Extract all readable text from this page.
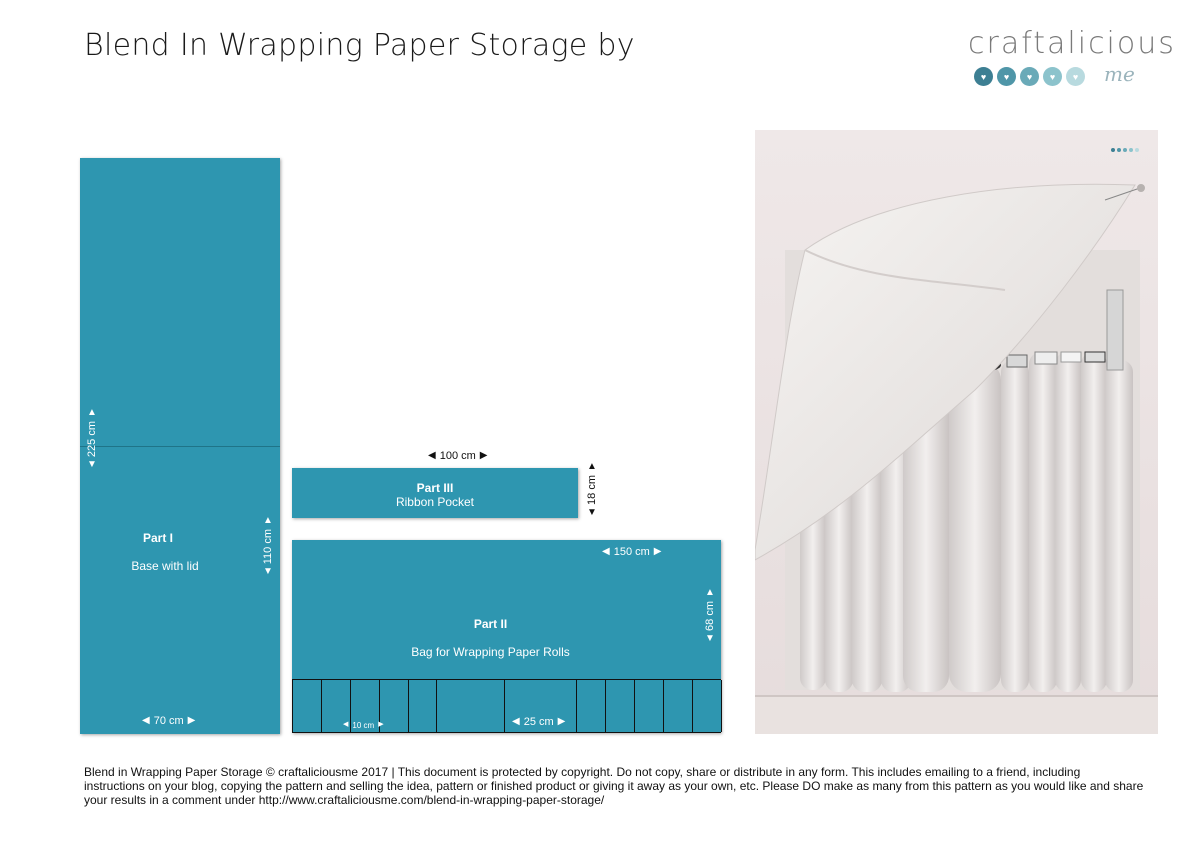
Blend In Wrapping Paper Storage by	craftalicious
♥	♥	♥	♥	♥	me
Part I
Base with lid
▲
225 cm
▼
▲
110 cm
▼
◀ 70 cm ▶
◀ 100 cm ▶
Part III
Ribbon Pocket
▲
18 cm
▼
◀ 150 cm ▶
Part II
Bag for Wrapping Paper Rolls
▲
68 cm
▼
◀ 10 cm ▶	◀ 25 cm ▶
Blend in Wrapping Paper Storage © craftaliciousme 2017 | This document is protected by copyright. Do not copy, share or distribute in any form. This includes emailing to a friend, including instructions on your blog, copying the pattern and selling the idea, pattern or finished product or giving it away as your own, etc. Please DO make as many from this pattern as you would like and share your results in a comment under http://www.craftaliciousme.com/blend-in-wrapping-paper-storage/
